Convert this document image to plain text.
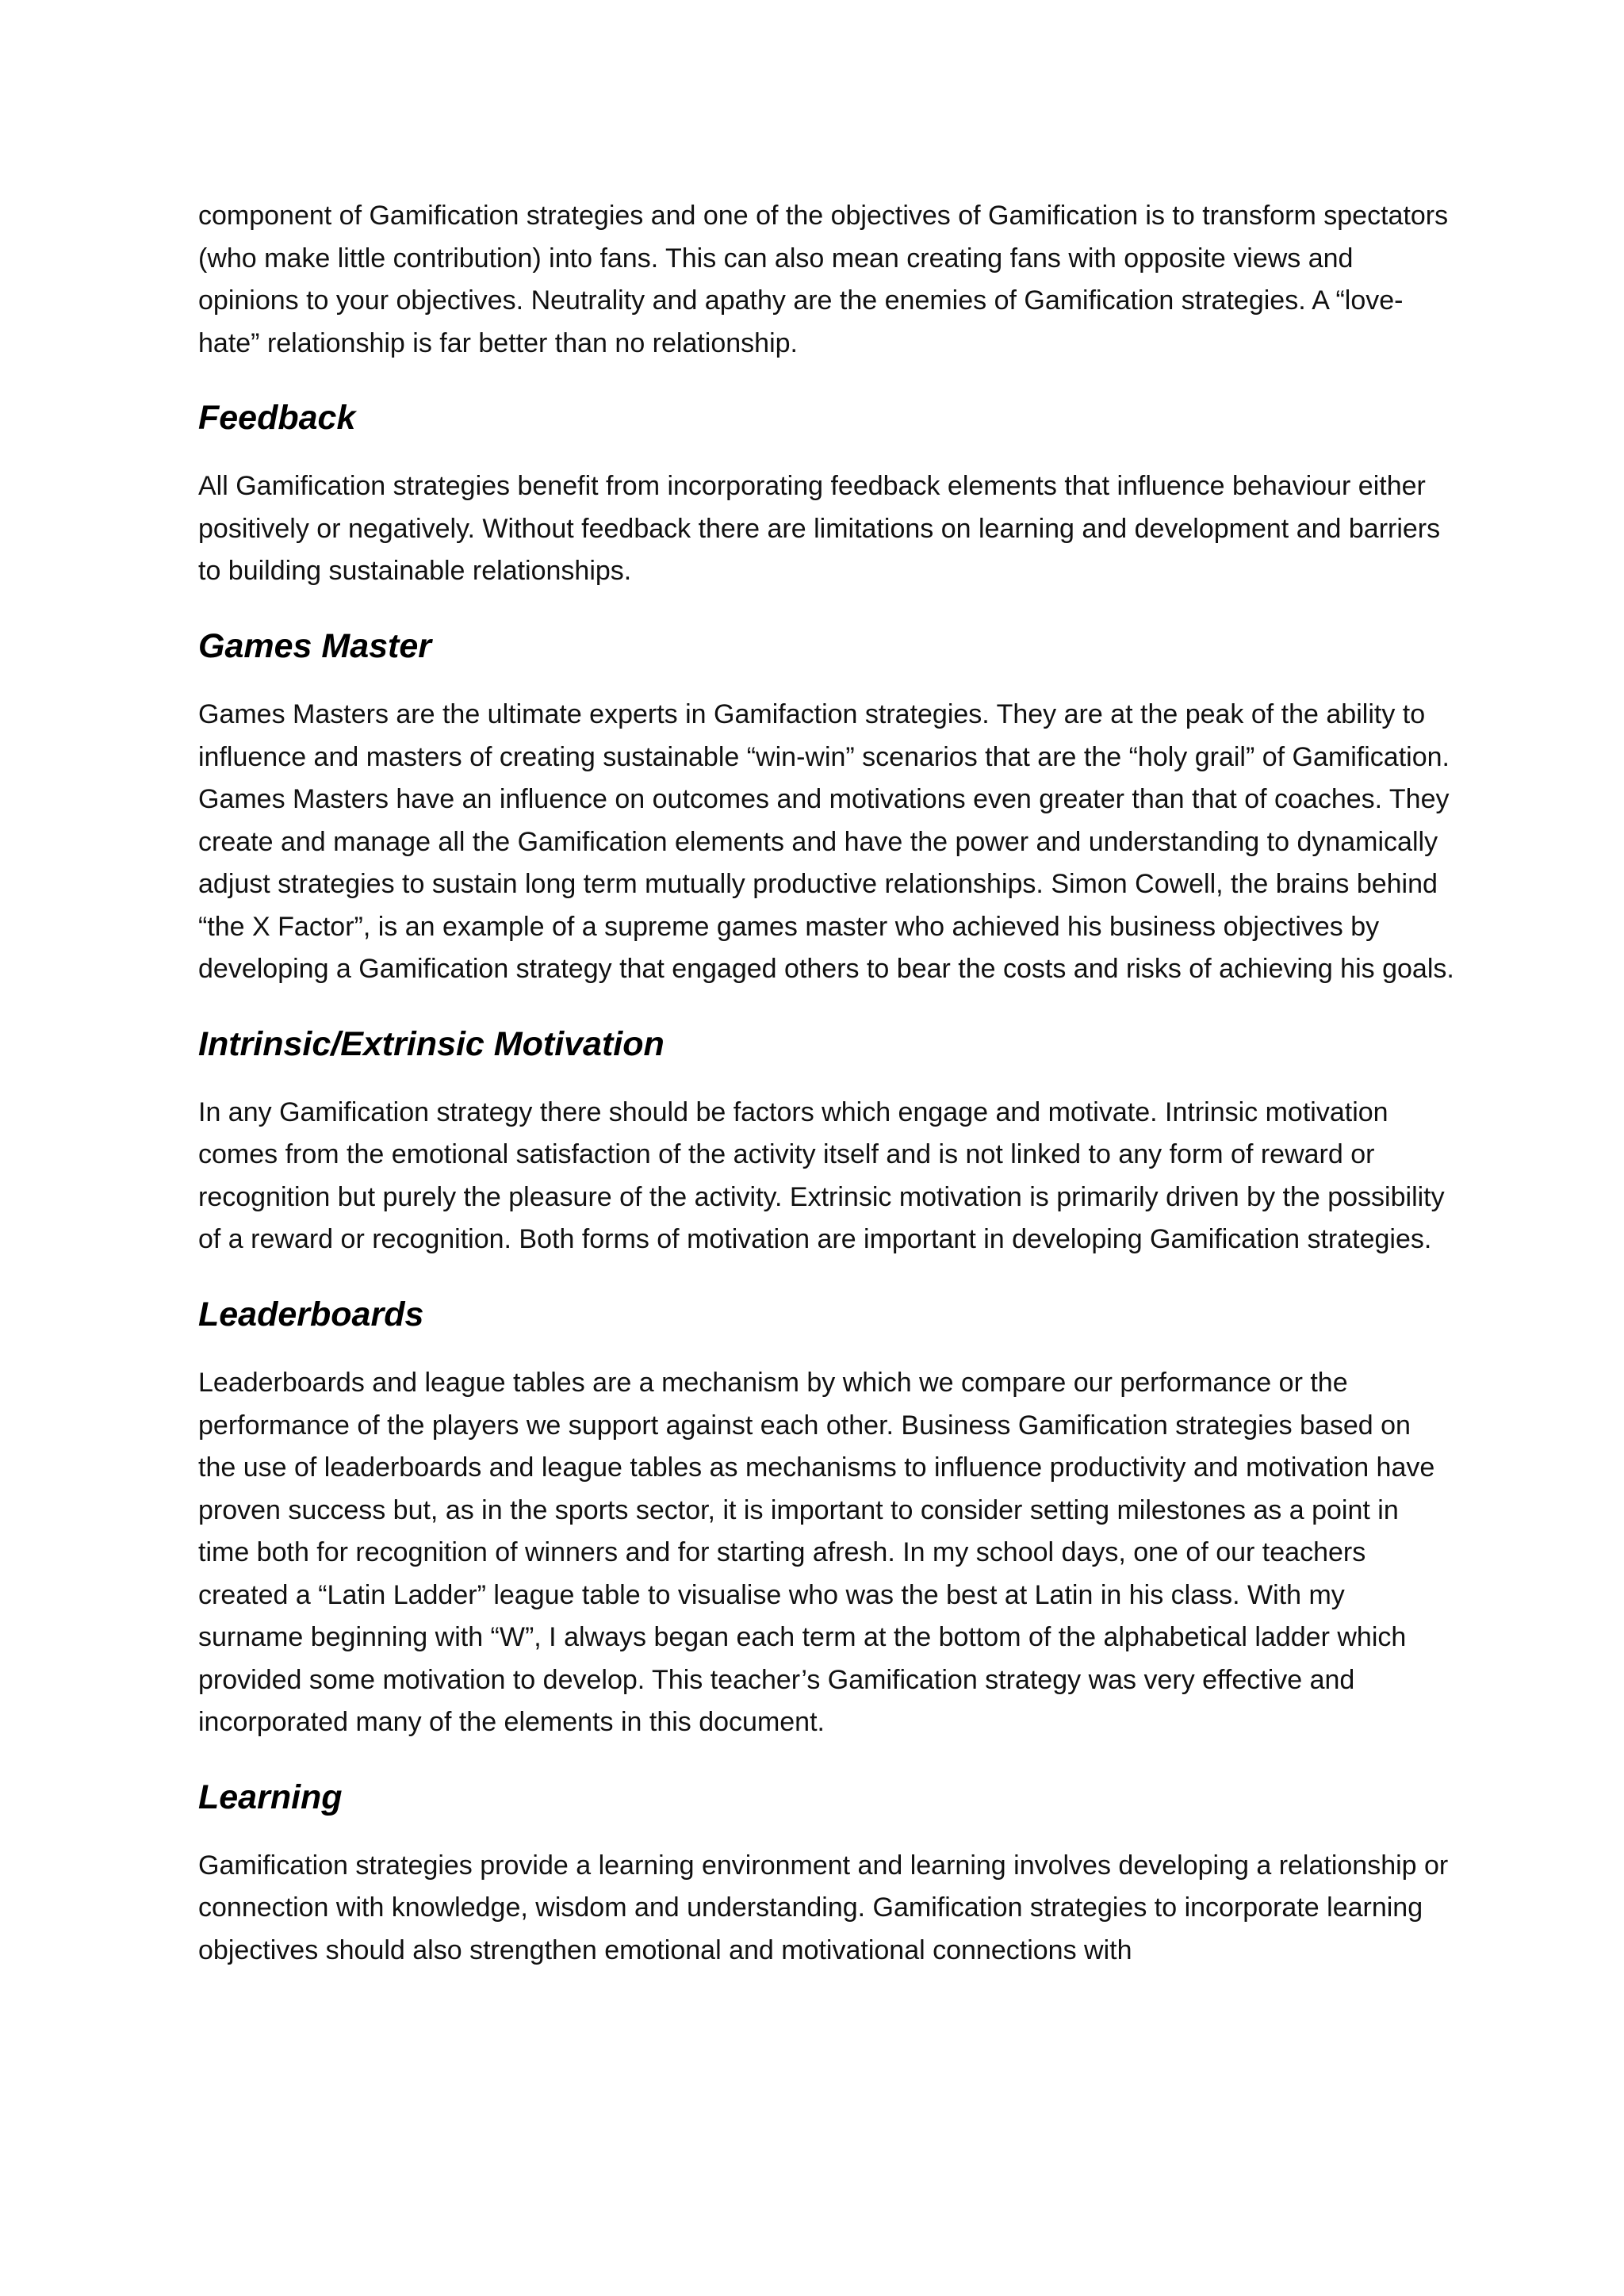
component of Gamification strategies and one of the objectives of Gamification is to transform spectators (who make little contribution) into fans. This can also mean creating fans with opposite views and opinions to your objectives. Neutrality and apathy are the enemies of Gamification strategies. A “love-hate” relationship is far better than no relationship.

Feedback

All Gamification strategies benefit from incorporating feedback elements that influence behaviour either positively or negatively. Without feedback there are limitations on learning and development and barriers to building sustainable relationships.

Games Master

Games Masters are the ultimate experts in Gamifaction strategies. They are at the peak of the ability to influence and masters of creating sustainable “win-win” scenarios that are the “holy grail” of Gamification. Games Masters have an influence on outcomes and motivations even greater than that of coaches. They create and manage all the Gamification elements and have the power and understanding to dynamically adjust strategies to sustain long term mutually productive relationships. Simon Cowell, the brains behind “the X Factor”, is an example of a supreme games master who achieved his business objectives by developing a Gamification strategy that engaged others to bear the costs and risks of achieving his goals.

Intrinsic/Extrinsic Motivation

In any Gamification strategy there should be factors which engage and motivate. Intrinsic motivation comes from the emotional satisfaction of the activity itself and is not linked to any form of reward or recognition but purely the pleasure of the activity. Extrinsic motivation is primarily driven by the possibility of a reward or recognition. Both forms of motivation are important in developing Gamification strategies.

Leaderboards

Leaderboards and league tables are a mechanism by which we compare our performance or the performance of the players we support against each other. Business Gamification strategies based on the use of leaderboards and league tables as mechanisms to influence productivity and motivation have proven success but, as in the sports sector, it is important to consider setting milestones as a point in time both for recognition of winners and for starting afresh. In my school days, one of our teachers created a “Latin Ladder” league table to visualise who was the best at Latin in his class. With my surname beginning with “W”, I always began each term at the bottom of the alphabetical ladder which provided some motivation to develop. This teacher’s Gamification strategy was very effective and incorporated many of the elements in this document.

Learning

Gamification strategies provide a learning environment and learning involves developing a relationship or connection with knowledge, wisdom and understanding. Gamification strategies to incorporate learning objectives should also strengthen emotional and motivational connections with
